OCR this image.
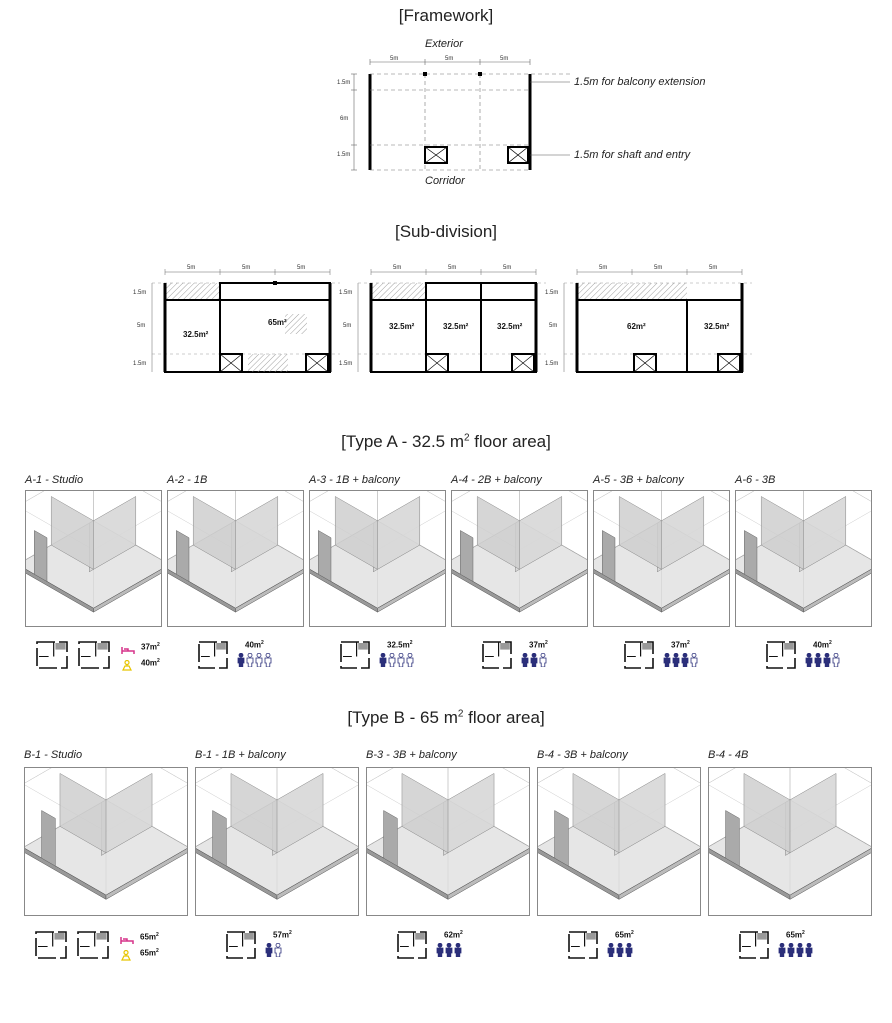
[Framework]
Exterior
Corridor
5m	5m	5m
1.5m
6m
1.5m
1.5m for balcony extension
1.5m for shaft and entry
[Sub-division]
5m	5m	5m
1.5m
5m
1.5m
32.5m²
65m²
5m	5m	5m
1.5m
5m
1.5m
32.5m²	32.5m²	32.5m²
5m	5m	5m
1.5m
5m
1.5m
62m²	32.5m²
[Type A - 32.5 $m^2$ floor area]
A-1 - Studio
$37m^2$
$40m^2$
A-2 - 1B
$40m^2$
A-3 - 1B + balcony
$32.5m^2$
A-4 - 2B + balcony
$37m^2$
A-5 - 3B + balcony
$37m^2$
A-6 - 3B
$40m^2$
[Type B - 65 $m^2$ floor area]
B-1 - Studio
$65m^2$
$65m^2$
B-1 - 1B + balcony
$57m^2$
B-3 - 3B + balcony
$62m^2$
B-4 - 3B + balcony
$65m^2$
B-4 - 4B
$65m^2$
